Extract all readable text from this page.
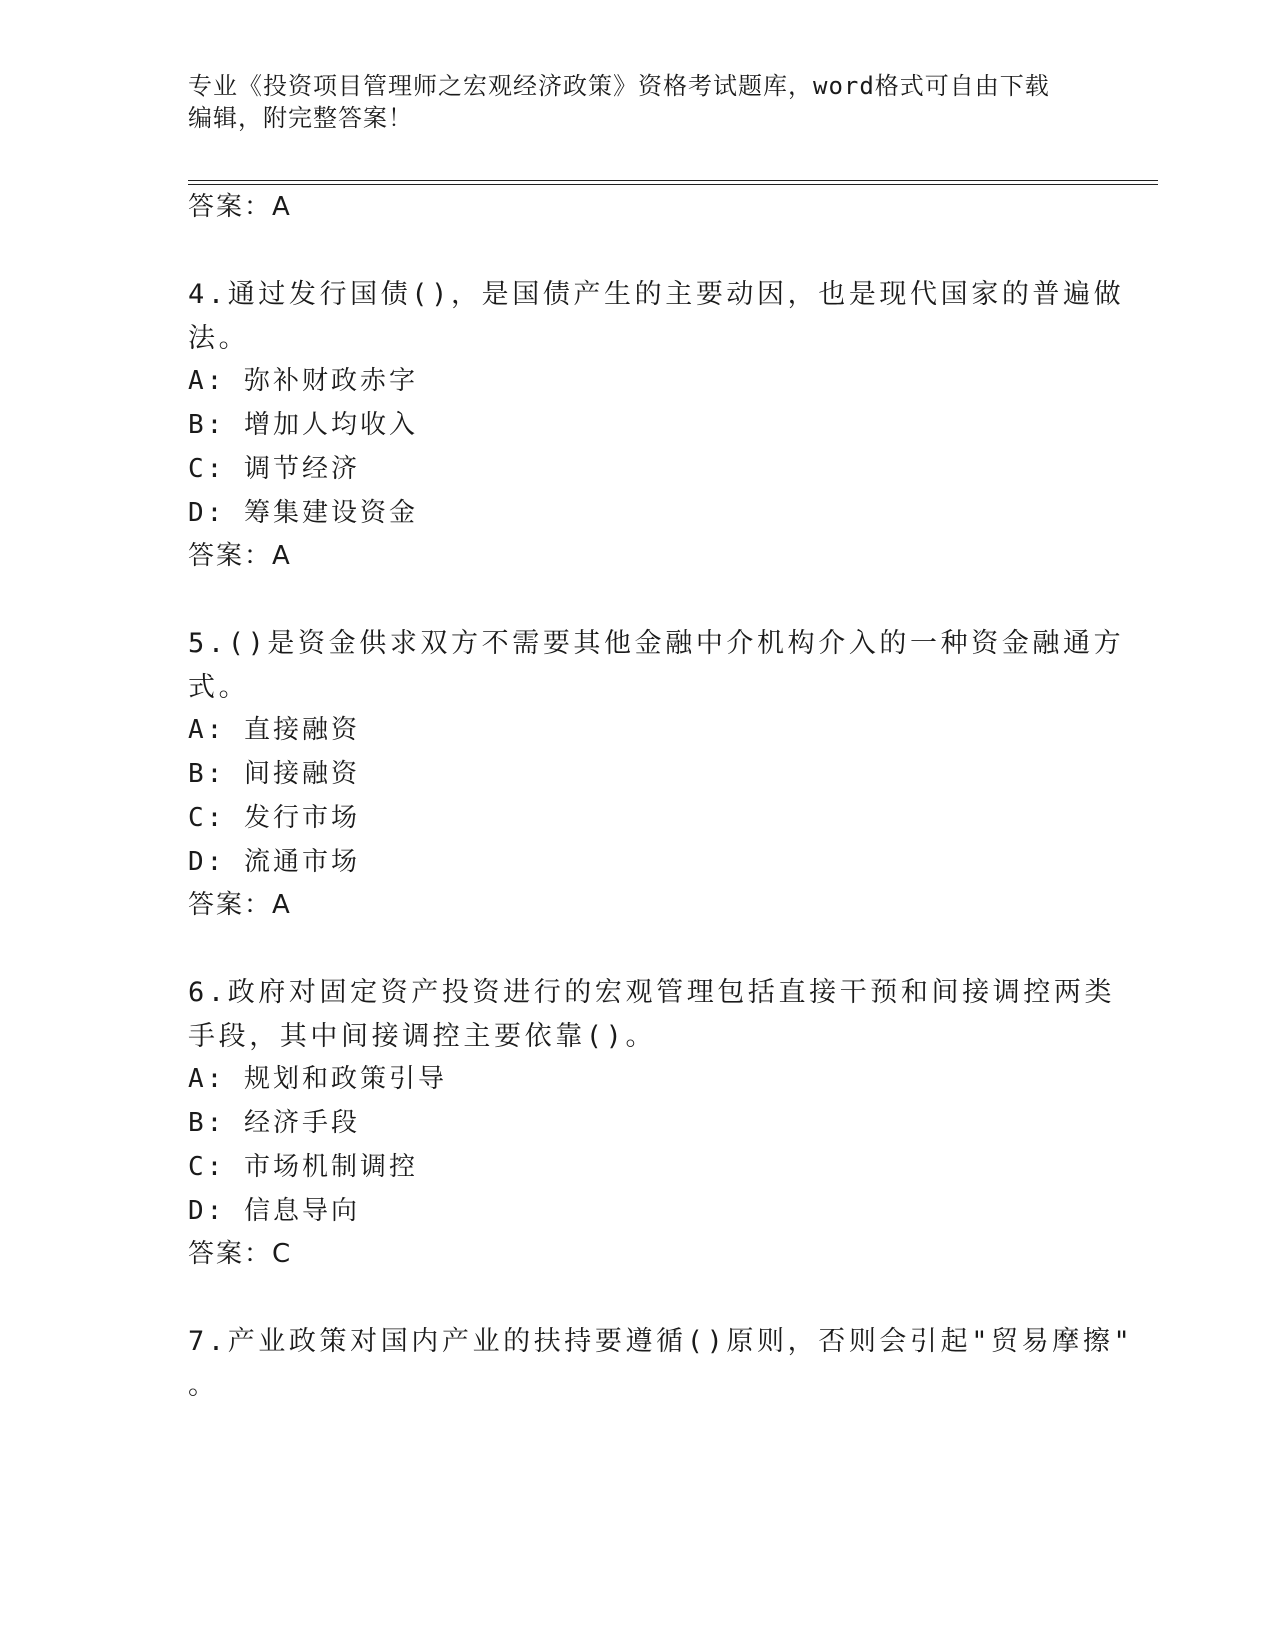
专业《投资项目管理师之宏观经济政策》资格考试题库，word格式可自由下载编辑，附完整答案！
答案：A
4.通过发行国债()，是国债产生的主要动因，也是现代国家的普遍做
法。
A: 弥补财政赤字
B: 增加人均收入
C: 调节经济
D: 筹集建设资金
答案：A
5.()是资金供求双方不需要其他金融中介机构介入的一种资金融通方
式。
A: 直接融资
B: 间接融资
C: 发行市场
D: 流通市场
答案：A
6.政府对固定资产投资进行的宏观管理包括直接干预和间接调控两类
手段，其中间接调控主要依靠()。
A: 规划和政策引导
B: 经济手段
C: 市场机制调控
D: 信息导向
答案：C
7.产业政策对国内产业的扶持要遵循()原则，否则会引起"贸易摩擦"
。
